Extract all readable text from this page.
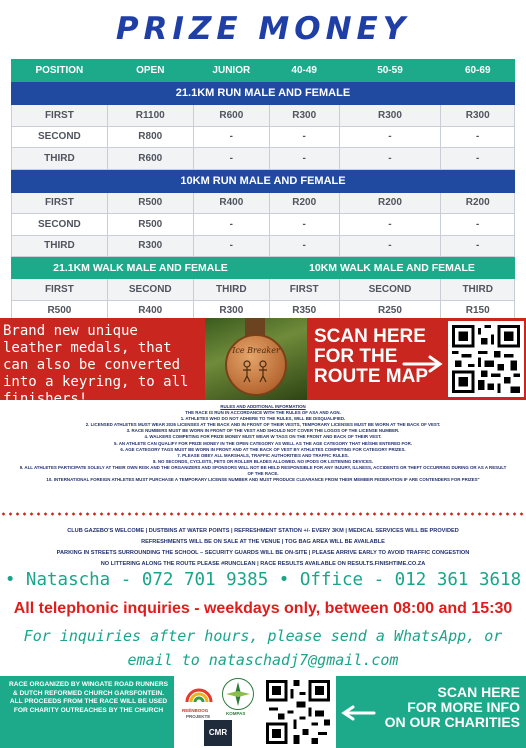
PRIZE MONEY
POSITION	OPEN	JUNIOR	40-49	50-59	60-69
21.1KM RUN MALE AND FEMALE					
FIRST	R1100	R600	R300	R300	R300
SECOND	R800	-	-	-	-
THIRD	R600	-	-	-	-
10KM RUN MALE AND FEMALE					
FIRST	R500	R400	R200	R200	R200
SECOND	R500	-	-	-	-
THIRD	R300	-	-	-	-
21.1KM WALK MALE AND FEMALE			10KM WALK MALE AND FEMALE		
FIRST	SECOND	THIRD	FIRST	SECOND	THIRD
R500	R400	R300	R350	R250	R150
Brand new unique leather medals, that can also be converted into a keyring, to all finishers!
Ice Breaker
SCAN HERE
FOR THE
ROUTE MAP
RULES AND ADDITIONAL INFORMATION
THE RACE IS RUN IN ACCORDANCE WITH THE RULES OF ASA AND AGN.
1. ATHLETES WHO DO NOT ADHERE TO THE RULES, WILL BE DISQUALIFIED.
2. LICENSED ATHLETES MUST WEAR 2026 LICENSES AT THE BACK AND IN FRONT OF THEIR VESTS, TEMPORARY LICENSES MUST BE WORN AT THE BACK OF VEST.
3. RACE NUMBERS MUST BE WORN IN FRONT OF THE VEST AND SHOULD NOT COVER THE LOGOS OF THE LICENSE NUMBER.
4. WALKERS COMPETING FOR PRIZE MONEY MUST WEAR W TAGS ON THE FRONT AND BACK OF THEIR VEST.
5. AN ATHLETE CAN QUALIFY FOR PRIZE MONEY IN THE OPEN CATEGORY AS WELL AS THE AGE CATEGORY THAT HE/SHE ENTERED FOR.
6. AGE CATEGORY TAGS MUST BE WORN IN FRONT AND AT THE BACK OF VEST BY ATHLETES COMPETING FOR CATEGORY PRIZES.
7. PLEASE OBEY ALL MARSHALS, TRAFFIC AUTHORITIES AND TRAFFIC RULES.
8. NO SECONDS, CYCLISTS, PETS OR ROLLER BLADES ALLOWED. NO IPODS OR LISTENING DEVICES.
9. ALL ATHLETES PARTICIPATE SOLELY AT THEIR OWN RISK AND THE ORGANIZERS AND SPONSORS WILL NOT BE HELD RESPONSIBLE FOR ANY INJURY, ILLNESS, ACCIDENTS OR THEFT OCCURRING DURING OR AS A RESULT
OF THE RACE.
10. INTERNATIONAL FOREIGN ATHLETES MUST PURCHASE A TEMPORARY LICENSE NUMBER AND MUST PRODUCE CLEARANCE FROM THEIR MEMBER FEDERATION IF ARE CONTENDERS FOR PRIZES"
CLUB GAZEBO'S WELCOME | DUSTBINS AT WATER POINTS | REFRESHMENT STATION +/- EVERY 3KM | MEDICAL SERVICES WILL BE PROVIDED
REFRESHMENTS WILL BE ON SALE AT THE VENUE | TOG BAG AREA WILL BE AVAILABLE
PARKING IN STREETS SURROUNDING THE SCHOOL – SECURITY GUARDS WILL BE ON-SITE | PLEASE ARRIVE EARLY TO AVOID TRAFFIC CONGESTION
NO LITTERING ALONG THE ROUTE PLEASE #RUNCLEAN | RACE RESULTS AVAILABLE ON RESULTS.FINISHTIME.CO.ZA
• Natascha - 072 701 9385 • Office - 012 361 3618
All telephonic inquiries - weekdays only, between 08:00 and 15:30
For inquiries after hours, please send a WhatsApp, or email to nataschadj7@gmail.com
RACE ORGANIZED BY WINGATE ROAD RUNNERS & DUTCH REFORMED CHURCH GARSFONTEIN. ALL PROCEEDS FROM THE RACE WILL BE USED FOR CHARITY OUTREACHES BY THE CHURCH	REËNBOOG
PROJEKTE
KOMPAS
CMR
SCAN HERE
FOR MORE INFO
ON OUR CHARITIES
